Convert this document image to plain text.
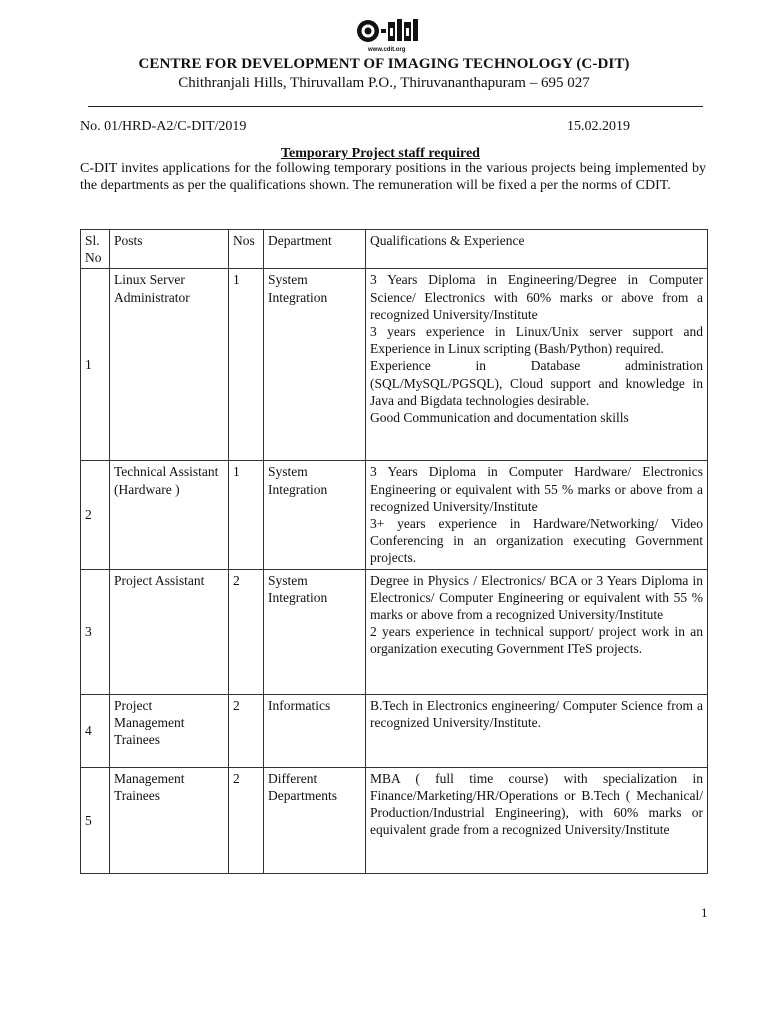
www.cdit.org
CENTRE FOR DEVELOPMENT OF IMAGING TECHNOLOGY (C-DIT)
Chithranjali Hills, Thiruvallam P.O., Thiruvananthapuram – 695 027
No. 01/HRD-A2/C-DIT/2019	15.02.2019
Temporary Project staff required
C-DIT invites applications for the following temporary positions in the various projects being implemented by the departments as per the qualifications shown. The remuneration will be fixed a per the norms of CDIT.
Sl. No	Posts	Nos	Department	Qualifications & Experience
1	Linux Server Administrator	1	System Integration	3 Years Diploma in Engineering/Degree in Computer Science/ Electronics with 60% marks or above from a recognized University/Institute
3 years experience in Linux/Unix server support and Experience in Linux scripting (Bash/Python) required.
Experience in Database administration (SQL/MySQL/PGSQL), Cloud support and knowledge in Java and Bigdata technologies desirable.
Good Communication and documentation skills

2	Technical Assistant (Hardware )	1	System Integration	3 Years Diploma in Computer Hardware/ Electronics Engineering or equivalent with 55 % marks or above from a recognized University/Institute
3+ years experience in Hardware/Networking/ Video Conferencing in an organization executing Government projects.

3	Project Assistant	2	System Integration	Degree in Physics / Electronics/ BCA or 3 Years Diploma in Electronics/ Computer Engineering or equivalent with 55 % marks or above from a recognized University/Institute
2 years experience in technical support/ project work in an organization executing Government ITeS projects.

4	Project Management Trainees	2	Informatics	B.Tech in Electronics engineering/ Computer Science from a recognized University/Institute.

5	Management Trainees	2	Different Departments	MBA ( full time course) with specialization in Finance/Marketing/HR/Operations or B.Tech ( Mechanical/ Production/Industrial Engineering), with 60% marks or equivalent grade from a recognized University/Institute
1
